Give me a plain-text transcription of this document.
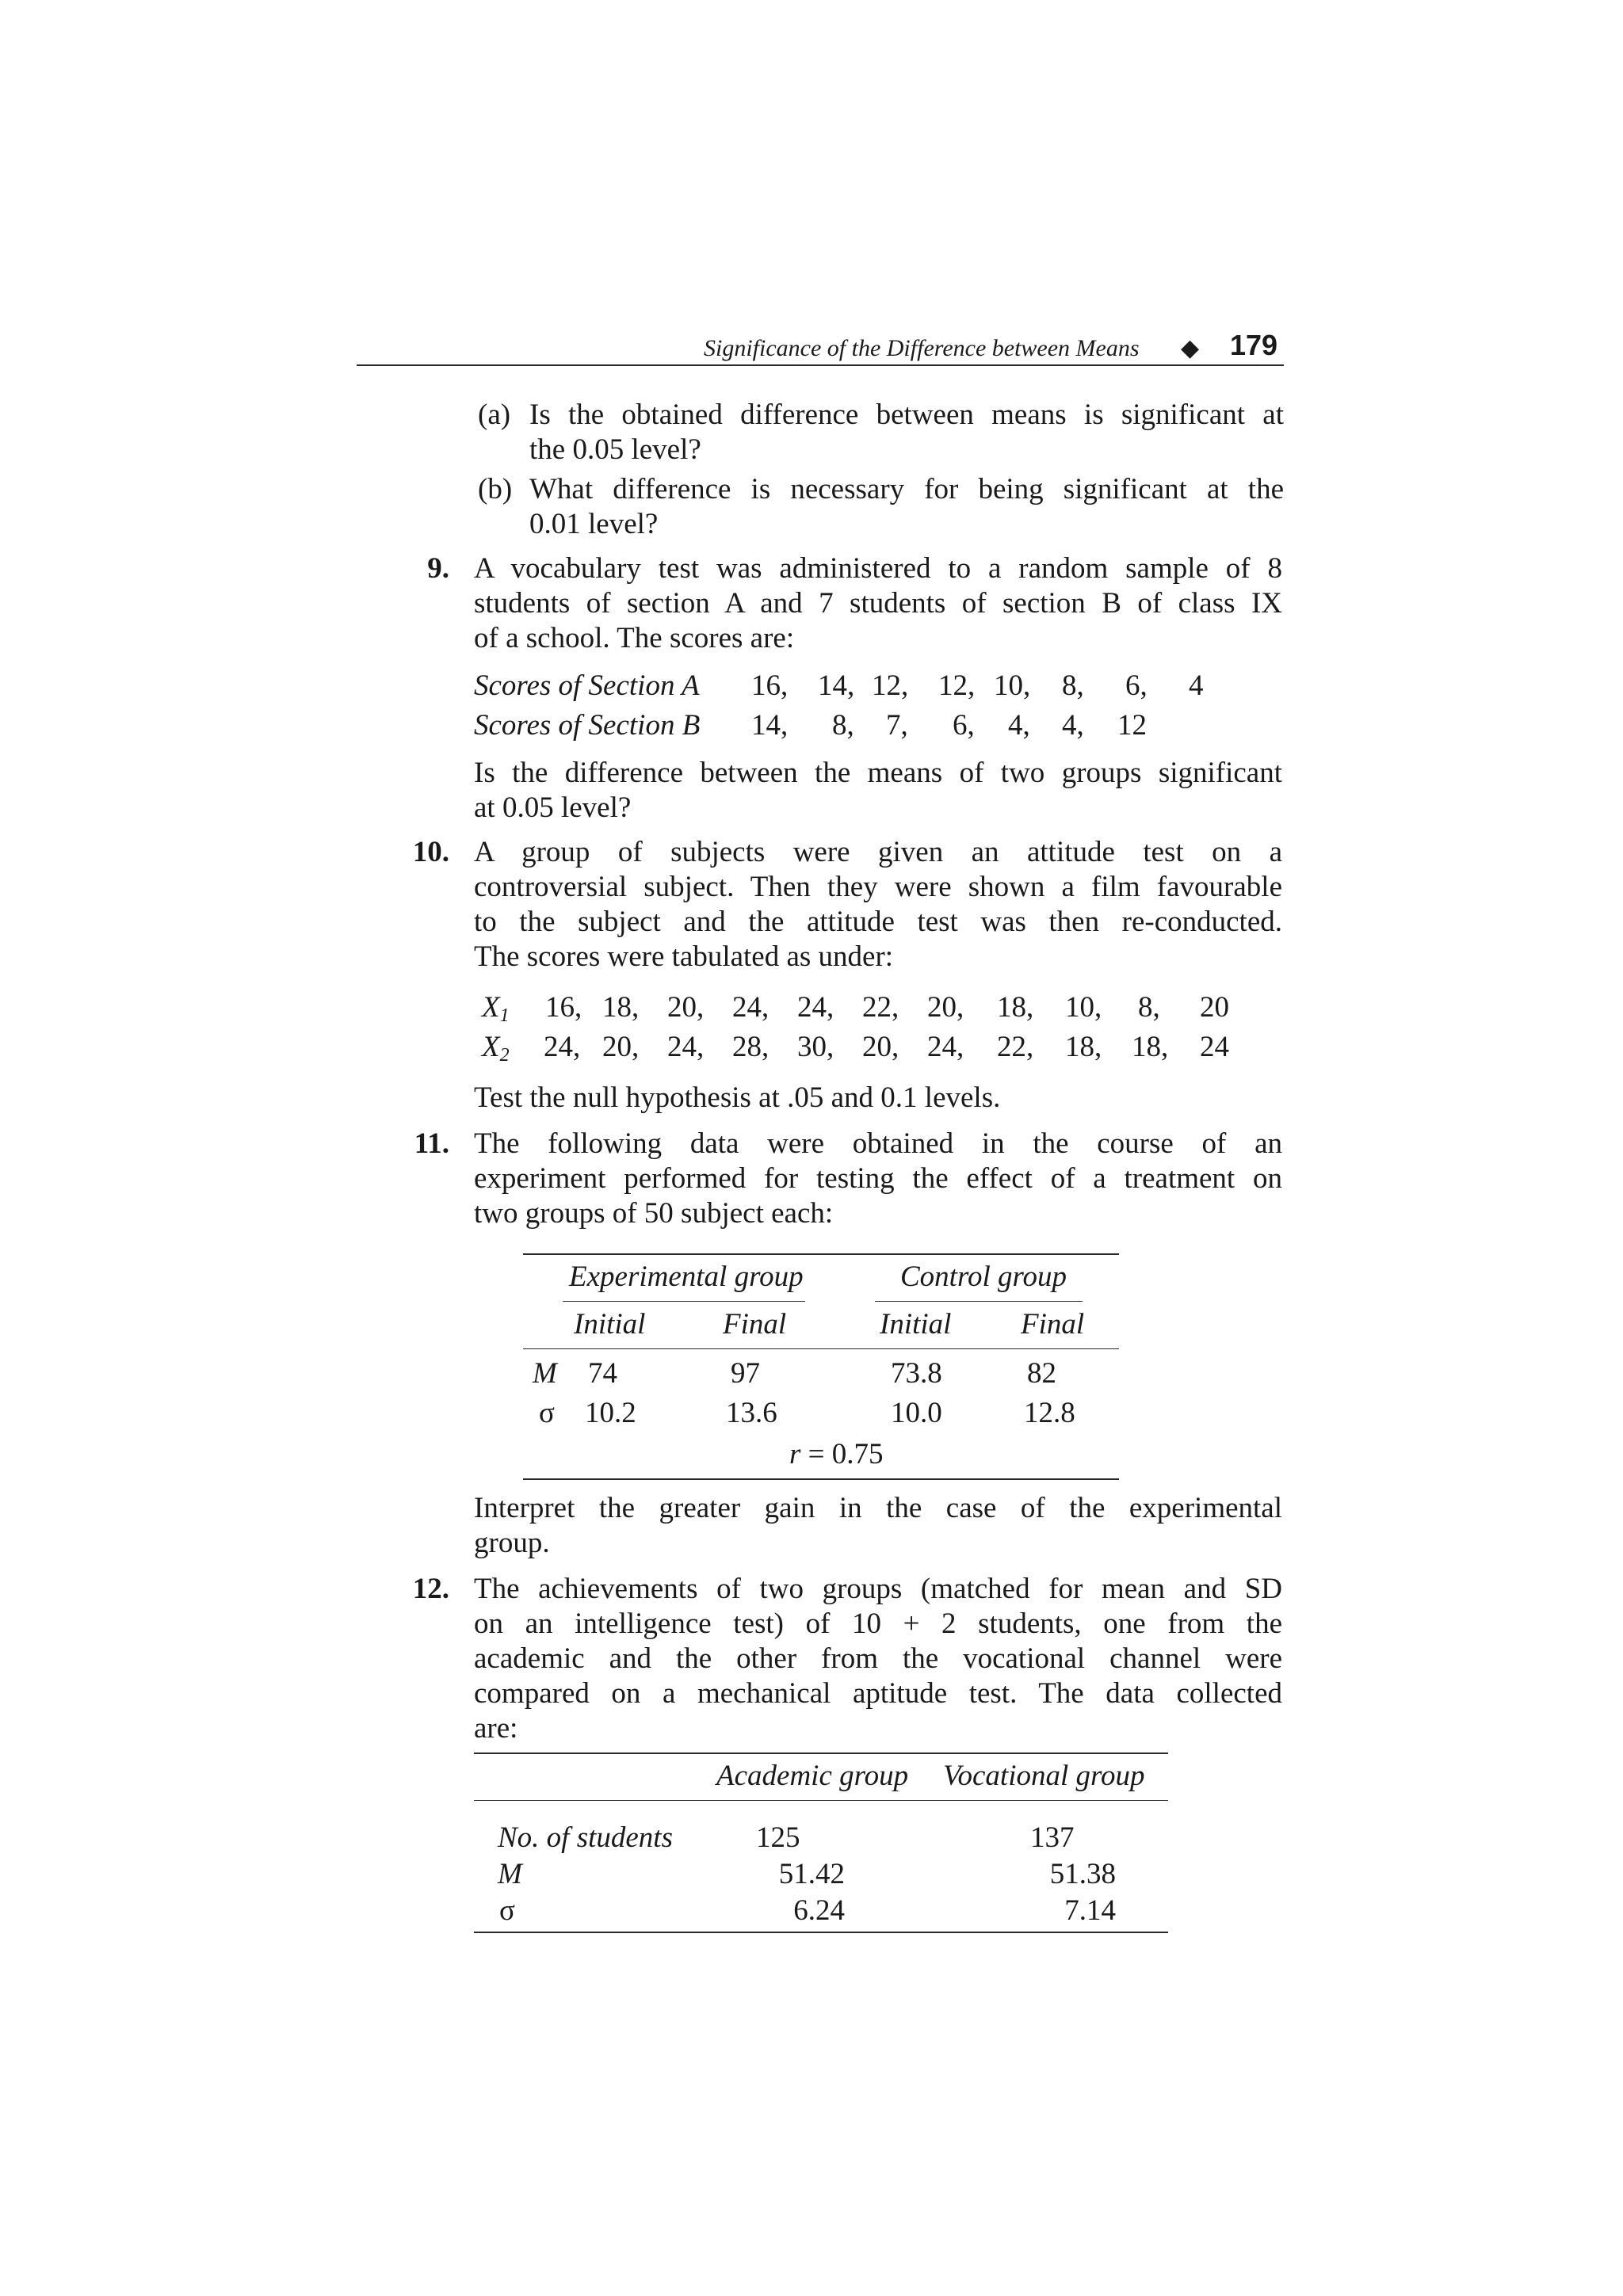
Significance of the Difference between Means ◆ 179
(a) Is the obtained difference between means is significant at
the 0.05 level?
(b) What difference is necessary for being significant at the
0.01 level?
9. A vocabulary test was administered to a random sample of 8
students of section A and 7 students of section B of class IX
of a school. The scores are:
Scores of Section A 16, 14, 12, 12, 10, 8, 6, 4
Scores of Section B 14, 8, 7, 6, 4, 4, 12
Is the difference between the means of two groups significant
at 0.05 level?
10. A group of subjects were given an attitude test on a
controversial subject. Then they were shown a film favourable
to the subject and the attitude test was then re-conducted.
The scores were tabulated as under:
$X_1$ 16, 18, 20, 24, 24, 22, 20, 18, 10, 8, 20
$X_2$ 24, 20, 24, 28, 30, 20, 24, 22, 18, 18, 24
Test the null hypothesis at .05 and 0.1 levels.
11. The following data were obtained in the course of an
experiment performed for testing the effect of a treatment on
two groups of 50 subject each:
Experimental group	Control group
Initial	Final	Initial Final
M 74	97	73.8	82
σ 10.2	13.6	10.0	12.8
r = 0.75
Interpret the greater gain in the case of the experimental
group.
12. The achievements of two groups (matched for mean and SD
on an intelligence test) of 10 + 2 students, one from the
academic and the other from the vocational channel were
compared on a mechanical aptitude test. The data collected
are:
Academic group Vocational group
No. of students	125	137
M	51.42	51.38
σ	6.24	7.14
